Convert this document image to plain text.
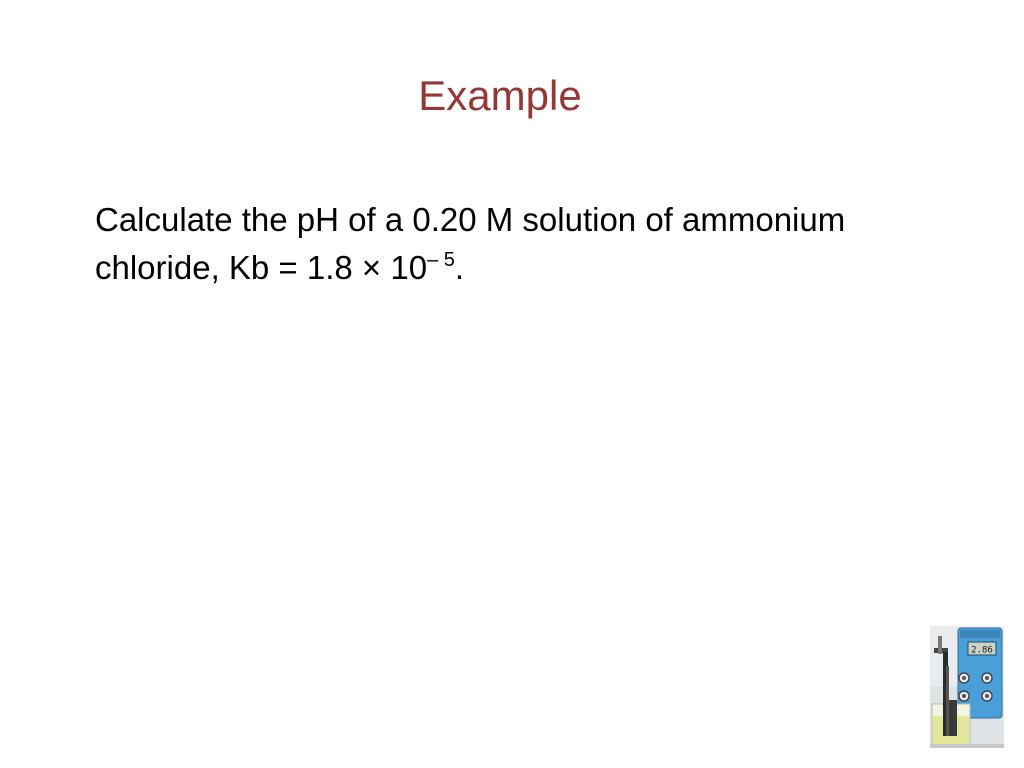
Example
Calculate the pH of a 0.20 M solution of ammonium
chloride, $Kb = 1.8 \times 10^{- 5}$.
2.86
